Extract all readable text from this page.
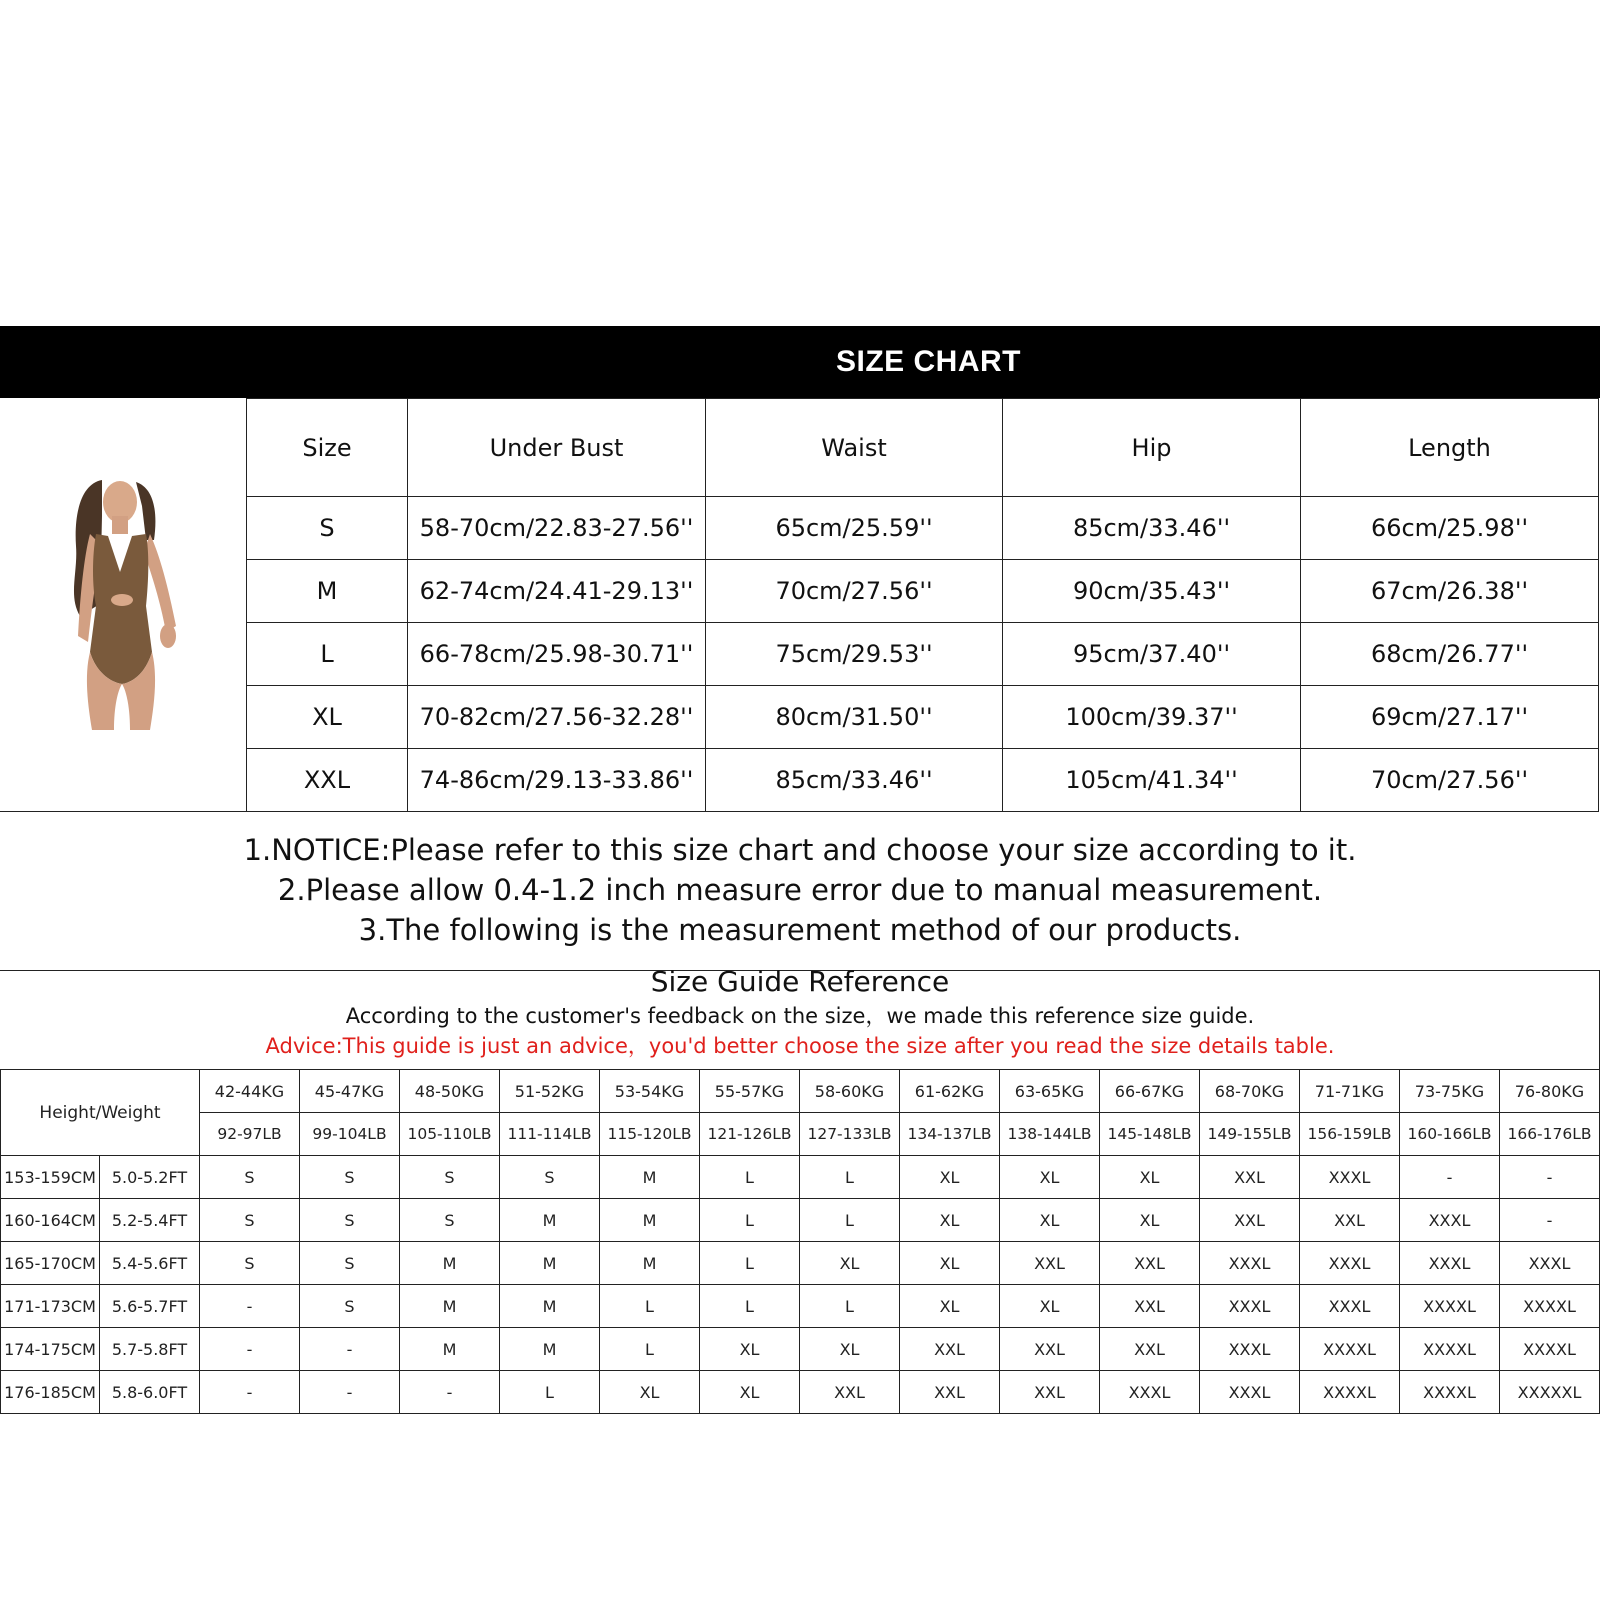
SIZE CHART
Size	Under Bust	Waist	Hip	Length
S	58-70cm/22.83-27.56''	65cm/25.59''	85cm/33.46''	66cm/25.98''
M	62-74cm/24.41-29.13''	70cm/27.56''	90cm/35.43''	67cm/26.38''
L	66-78cm/25.98-30.71''	75cm/29.53''	95cm/37.40''	68cm/26.77''
XL	70-82cm/27.56-32.28''	80cm/31.50''	100cm/39.37''	69cm/27.17''
XXL	74-86cm/29.13-33.86''	85cm/33.46''	105cm/41.34''	70cm/27.56''
1.NOTICE:Please refer to this size chart and choose your size according to it.
2.Please allow 0.4-1.2 inch measure error due to manual measurement.
3.The following is the measurement method of our products.
Size Guide Reference
According to the customer's feedback on the size，we made this reference size guide.
Advice:This guide is just an advice，you'd better choose the size after you read the size details table.
Height/Weight		42-44KG	45-47KG	48-50KG	51-52KG	53-54KG	55-57KG	58-60KG	61-62KG	63-65KG	66-67KG	68-70KG	71-71KG	73-75KG	76-80KG
		92-97LB	99-104LB	105-110LB	111-114LB	115-120LB	121-126LB	127-133LB	134-137LB	138-144LB	145-148LB	149-155LB	156-159LB	160-166LB	166-176LB
153-159CM	5.0-5.2FT	S	S	S	S	M	L	L	XL	XL	XL	XXL	XXXL	-	-
160-164CM	5.2-5.4FT	S	S	S	M	M	L	L	XL	XL	XL	XXL	XXL	XXXL	-
165-170CM	5.4-5.6FT	S	S	M	M	M	L	XL	XL	XXL	XXL	XXXL	XXXL	XXXL	XXXL
171-173CM	5.6-5.7FT	-	S	M	M	L	L	L	XL	XL	XXL	XXXL	XXXL	XXXXL	XXXXL
174-175CM	5.7-5.8FT	-	-	M	M	L	XL	XL	XXL	XXL	XXL	XXXL	XXXXL	XXXXL	XXXXL
176-185CM	5.8-6.0FT	-	-	-	L	XL	XL	XXL	XXL	XXL	XXXL	XXXL	XXXXL	XXXXL	XXXXXL
